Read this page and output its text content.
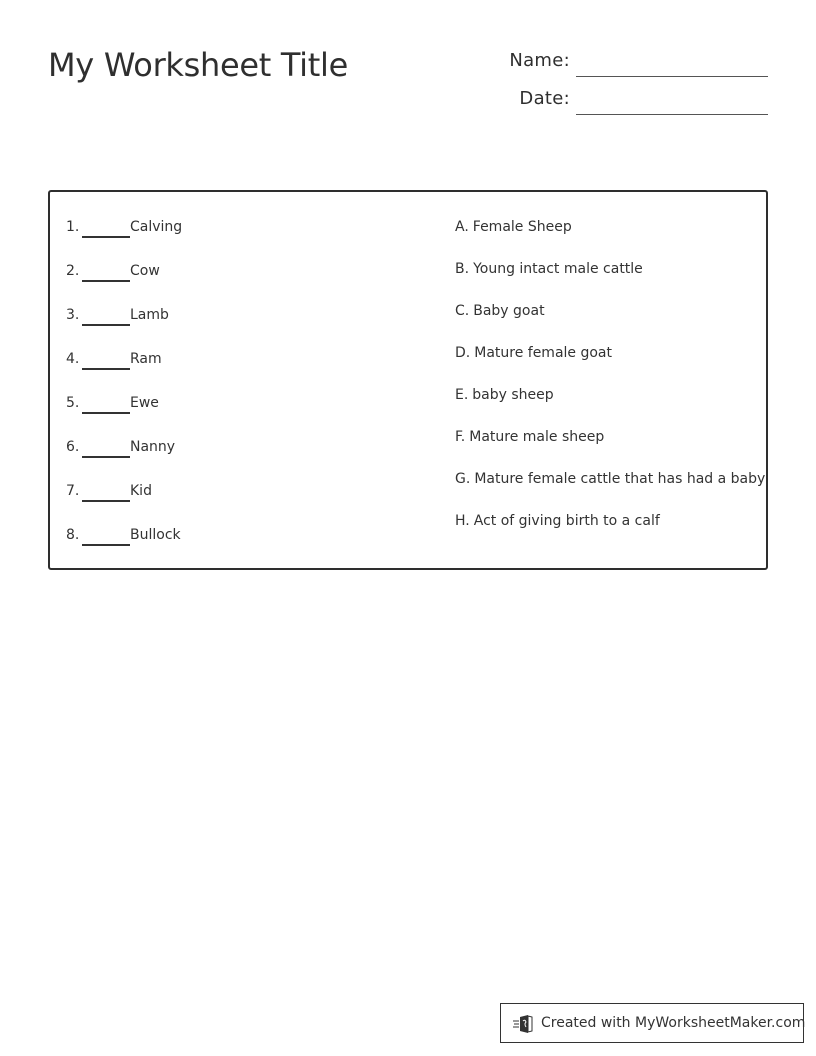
My Worksheet Title	Name:
Date:
1.	Calving
2.	Cow
3.	Lamb
4.	Ram
5.	Ewe
6.	Nanny
7.	Kid
8.	Bullock
A. Female Sheep
B. Young intact male cattle
C. Baby goat
D. Mature female goat
E. baby sheep
F. Mature male sheep
G. Mature female cattle that has had a baby
H. Act of giving birth to a calf
Created with MyWorksheetMaker.com
